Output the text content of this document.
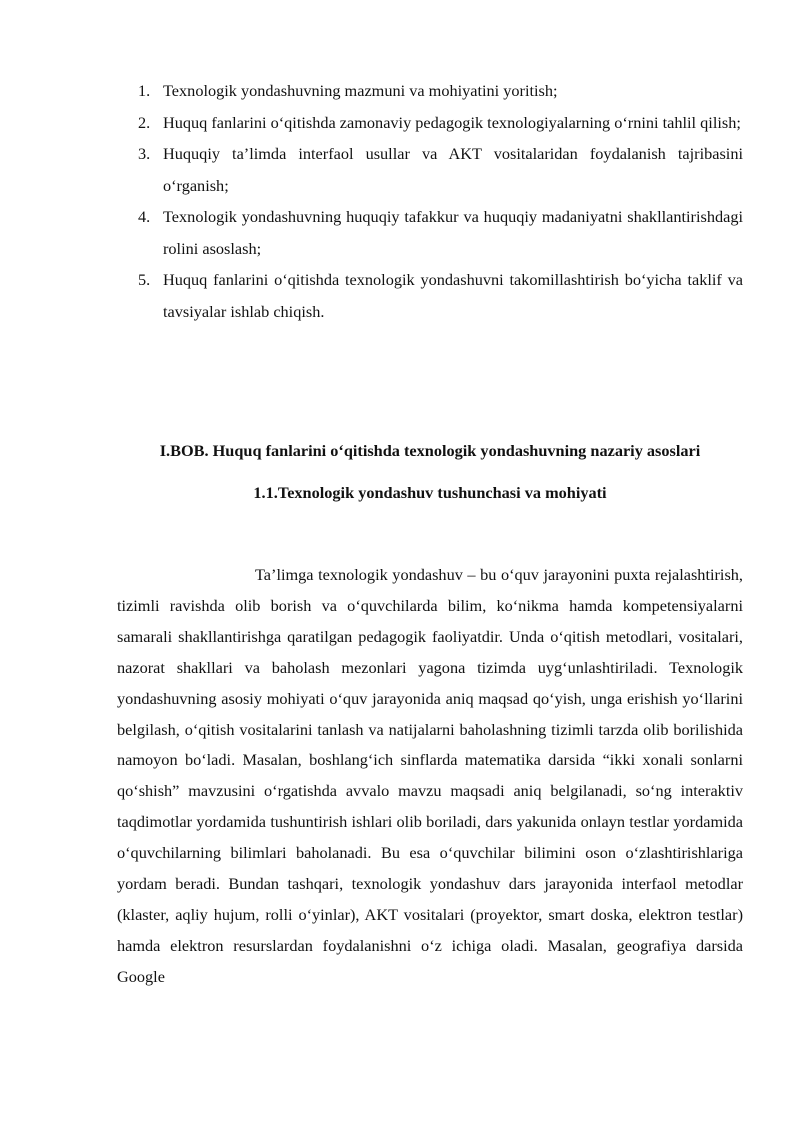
1. Texnologik yondashuvning mazmuni va mohiyatini yoritish;
2. Huquq fanlarini o‘qitishda zamonaviy pedagogik texnologiyalarning o‘rnini tahlil qilish;
3. Huquqiy ta’limda interfaol usullar va AKT vositalaridan foydalanish tajribasini o‘rganish;
4. Texnologik yondashuvning huquqiy tafakkur va huquqiy madaniyatni shakllantirishdagi rolini asoslash;
5. Huquq fanlarini o‘qitishda texnologik yondashuvni takomillashtirish bo‘yicha taklif va tavsiyalar ishlab chiqish.
I.BOB. Huquq fanlarini o‘qitishda texnologik yondashuvning nazariy asoslari
1.1.Texnologik yondashuv tushunchasi va mohiyati

Ta’limga texnologik yondashuv – bu o‘quv jarayonini puxta rejalashtirish, tizimli ravishda olib borish va o‘quvchilarda bilim, ko‘nikma hamda kompetensiyalarni samarali shakllantirishga qaratilgan pedagogik faoliyatdir. Unda o‘qitish metodlari, vositalari, nazorat shakllari va baholash mezonlari yagona tizimda uyg‘unlashtiriladi. Texnologik yondashuvning asosiy mohiyati o‘quv jarayonida aniq maqsad qo‘yish, unga erishish yo‘llarini belgilash, o‘qitish vositalarini tanlash va natijalarni baholashning tizimli tarzda olib borilishida namoyon bo‘ladi. Masalan, boshlang‘ich sinflarda matematika darsida “ikki xonali sonlarni qo‘shish” mavzusini o‘rgatishda avvalo mavzu maqsadi aniq belgilanadi, so‘ng interaktiv taqdimotlar yordamida tushuntirish ishlari olib boriladi, dars yakunida onlayn testlar yordamida o‘quvchilarning bilimlari baholanadi. Bu esa o‘quvchilar bilimini oson o‘zlashtirishlariga yordam beradi. Bundan tashqari, texnologik yondashuv dars jarayonida interfaol metodlar (klaster, aqliy hujum, rolli o‘yinlar), AKT vositalari (proyektor, smart doska, elektron testlar) hamda elektron resurslardan foydalanishni o‘z ichiga oladi. Masalan, geografiya darsida Google
